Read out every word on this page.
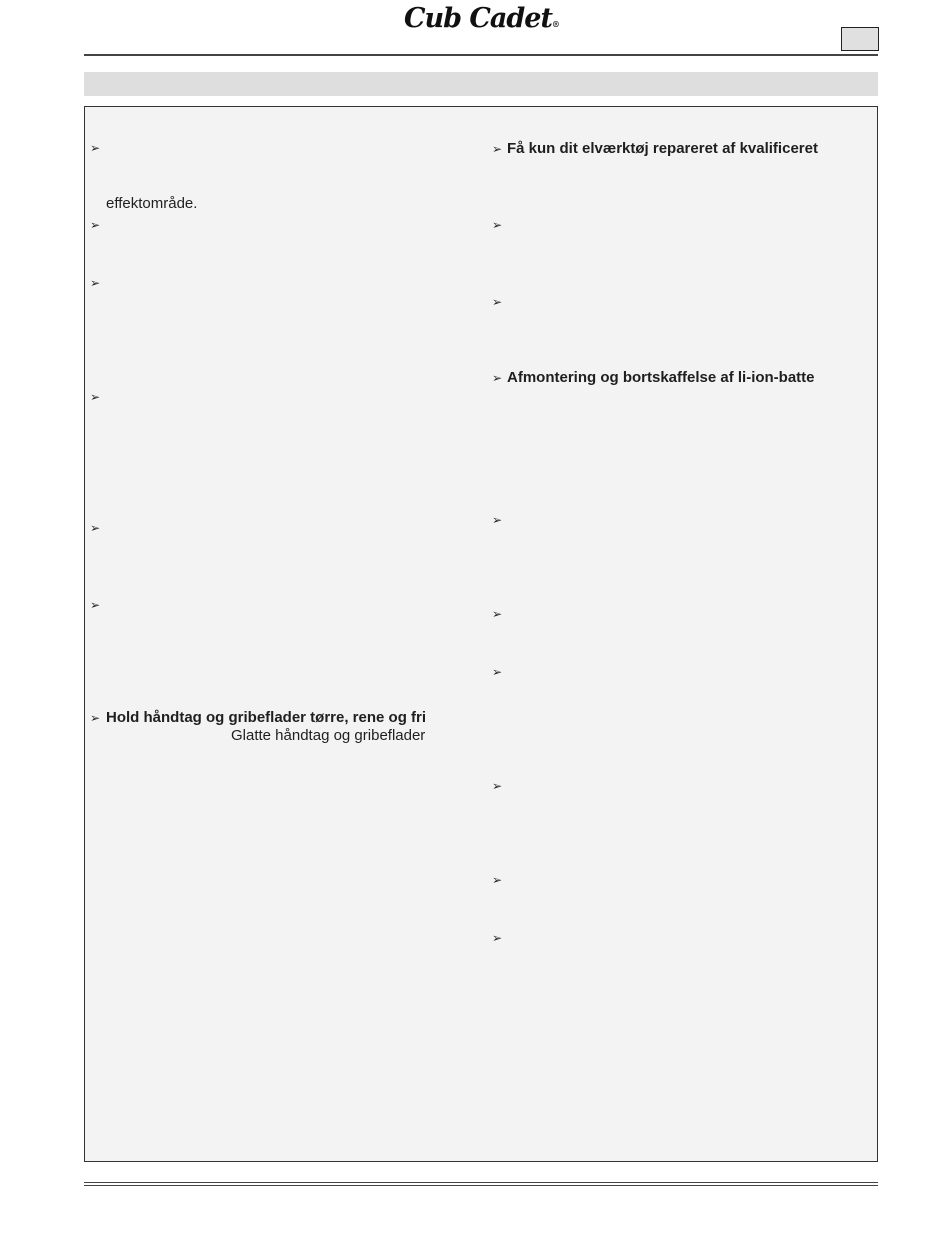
Cub Cadet®
➢
effektområde.
➢
➢
➢
➢
➢
➢ Hold håndtag og gribeflader tørre, rene og fri
Glatte håndtag og gribeflader
➢ Få kun dit elværktøj repareret af kvalificeret
➢
➢
➢ Afmontering og bortskaffelse af li-ion-batte
➢
➢
➢
➢
➢
➢
